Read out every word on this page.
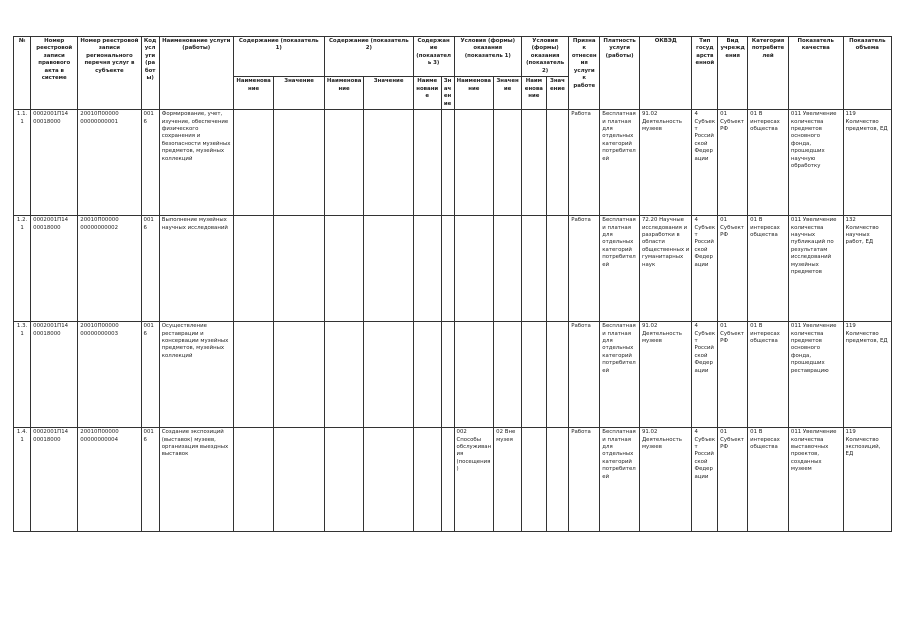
№	Номер реестровой записи правового акта в системе	Номер реестровой записи регионального перечня услуг в субъекте	Код услуги (работы)	Наименование услуги (работы)	Содержание (показатель 1)		Содержание (показатель 2)		Содержание (показатель 3)		Условия (формы) оказания (показатель 1)		Условия (формы) оказания (показатель 2)		Признак отнесения услуги к работе	Платность услуги (работы)	ОКВЭД	Тип государственной	Вид учреждения	Категория потребителей	Показатель качества	Показатель объема
					Наименование	Значение	Наименование	Значение	Наименование	Значение	Наименование	Значение	Наименование	Значение								
1.1.1	0002001П14 00018000	20010П00000 00000000001	0016	Формирование, учет, изучение, обеспечение физического сохранения и безопасности музейных предметов, музейных коллекций											Работа	Бесплатная и платная для отдельных категорий потребителей	91.02 Деятельность музеев	4 Субъект Российской Федерации	01 Субъект РФ	01 В интересах общества	011 Увеличение количества предметов основного фонда, прошедших научную обработку	119 Количество предметов, ЕД
1.2.1	0002001П14 00018000	20010П00000 00000000002	0016	Выполнение музейных научных исследований											Работа	Бесплатная и платная для отдельных категорий потребителей	72.20 Научные исследования и разработки в области общественных и гуманитарных наук	4 Субъект Российской Федерации	01 Субъект РФ	01 В интересах общества	011 Увеличение количества научных публикаций по результатам исследований музейных предметов	132 Количество научных работ, ЕД
1.3.1	0002001П14 00018000	20010П00000 00000000003	0016	Осуществление реставрации и консервации музейных предметов, музейных коллекций											Работа	Бесплатная и платная для отдельных категорий потребителей	91.02 Деятельность музеев	4 Субъект Российской Федерации	01 Субъект РФ	01 В интересах общества	011 Увеличение количества предметов основного фонда, прошедших реставрацию	119 Количество предметов, ЕД
1.4.1	0002001П14 00018000	20010П00000 00000000004	0016	Создание экспозиций (выставок) музеев, организация выездных выставок							002 Способы обслуживания (посещения)	02 Вне музея			Работа	Бесплатная и платная для отдельных категорий потребителей	91.02 Деятельность музеев	4 Субъект Российской Федерации	01 Субъект РФ	01 В интересах общества	011 Увеличение количества выставочных проектов, созданных музеем	119 Количество экспозиций, ЕД
